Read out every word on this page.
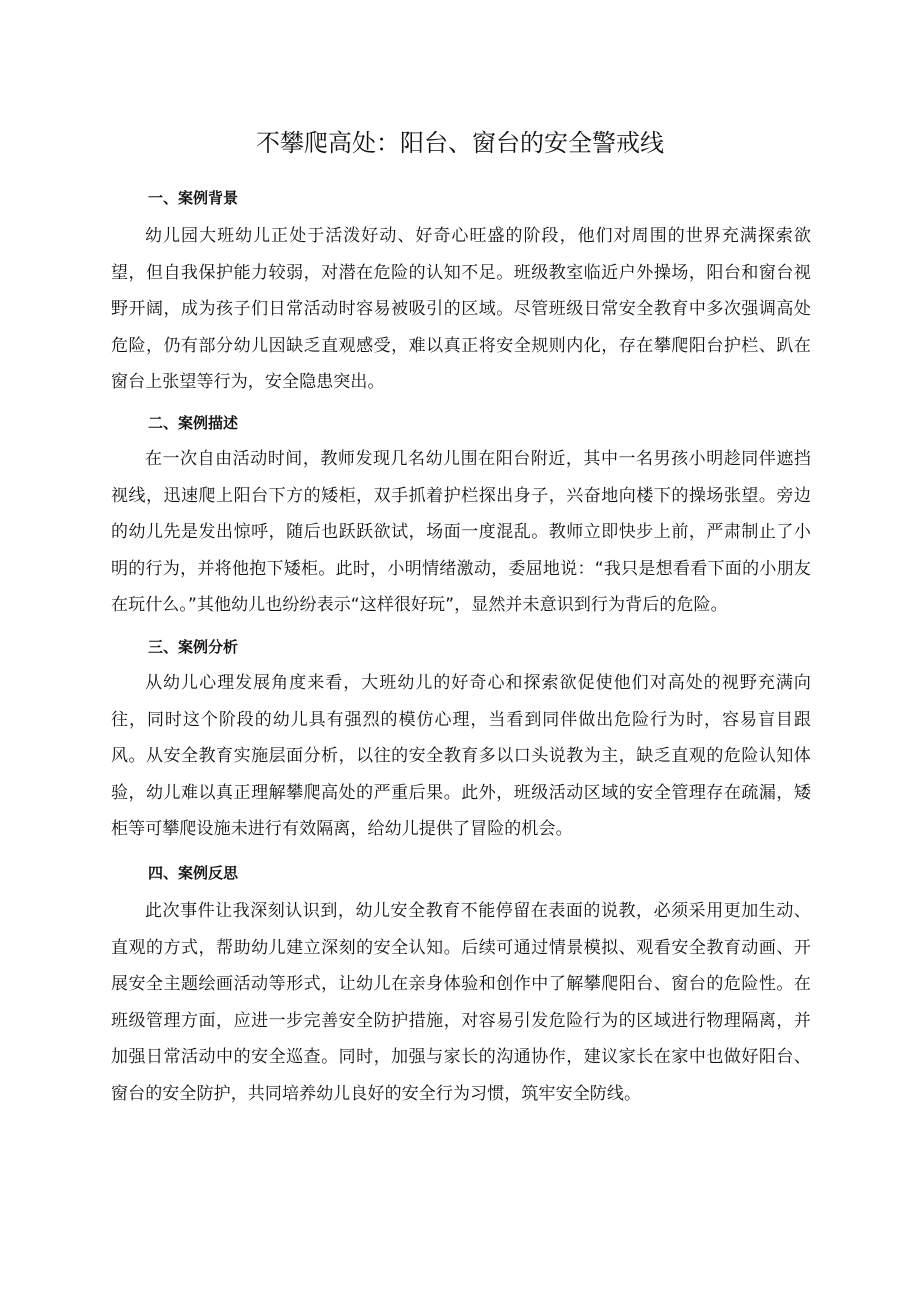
不攀爬高处：阳台、窗台的安全警戒线
一、案例背景

幼儿园大班幼儿正处于活泼好动、好奇心旺盛的阶段，他们对周围的世界充满探索欲望，但自我保护能力较弱，对潜在危险的认知不足。班级教室临近户外操场，阳台和窗台视野开阔，成为孩子们日常活动时容易被吸引的区域。尽管班级日常安全教育中多次强调高处危险，仍有部分幼儿因缺乏直观感受，难以真正将安全规则内化，存在攀爬阳台护栏、趴在窗台上张望等行为，安全隐患突出。

二、案例描述

在一次自由活动时间，教师发现几名幼儿围在阳台附近，其中一名男孩小明趁同伴遮挡视线，迅速爬上阳台下方的矮柜，双手抓着护栏探出身子，兴奋地向楼下的操场张望。旁边的幼儿先是发出惊呼，随后也跃跃欲试，场面一度混乱。教师立即快步上前，严肃制止了小明的行为，并将他抱下矮柜。此时，小明情绪激动，委屈地说：“我只是想看看下面的小朋友在玩什么。”其他幼儿也纷纷表示“这样很好玩”，显然并未意识到行为背后的危险。

三、案例分析

从幼儿心理发展角度来看，大班幼儿的好奇心和探索欲促使他们对高处的视野充满向往，同时这个阶段的幼儿具有强烈的模仿心理，当看到同伴做出危险行为时，容易盲目跟风。从安全教育实施层面分析，以往的安全教育多以口头说教为主，缺乏直观的危险认知体验，幼儿难以真正理解攀爬高处的严重后果。此外，班级活动区域的安全管理存在疏漏，矮柜等可攀爬设施未进行有效隔离，给幼儿提供了冒险的机会。

四、案例反思

此次事件让我深刻认识到，幼儿安全教育不能停留在表面的说教，必须采用更加生动、直观的方式，帮助幼儿建立深刻的安全认知。后续可通过情景模拟、观看安全教育动画、开展安全主题绘画活动等形式，让幼儿在亲身体验和创作中了解攀爬阳台、窗台的危险性。在班级管理方面，应进一步完善安全防护措施，对容易引发危险行为的区域进行物理隔离，并加强日常活动中的安全巡查。同时，加强与家长的沟通协作，建议家长在家中也做好阳台、窗台的安全防护，共同培养幼儿良好的安全行为习惯，筑牢安全防线。
